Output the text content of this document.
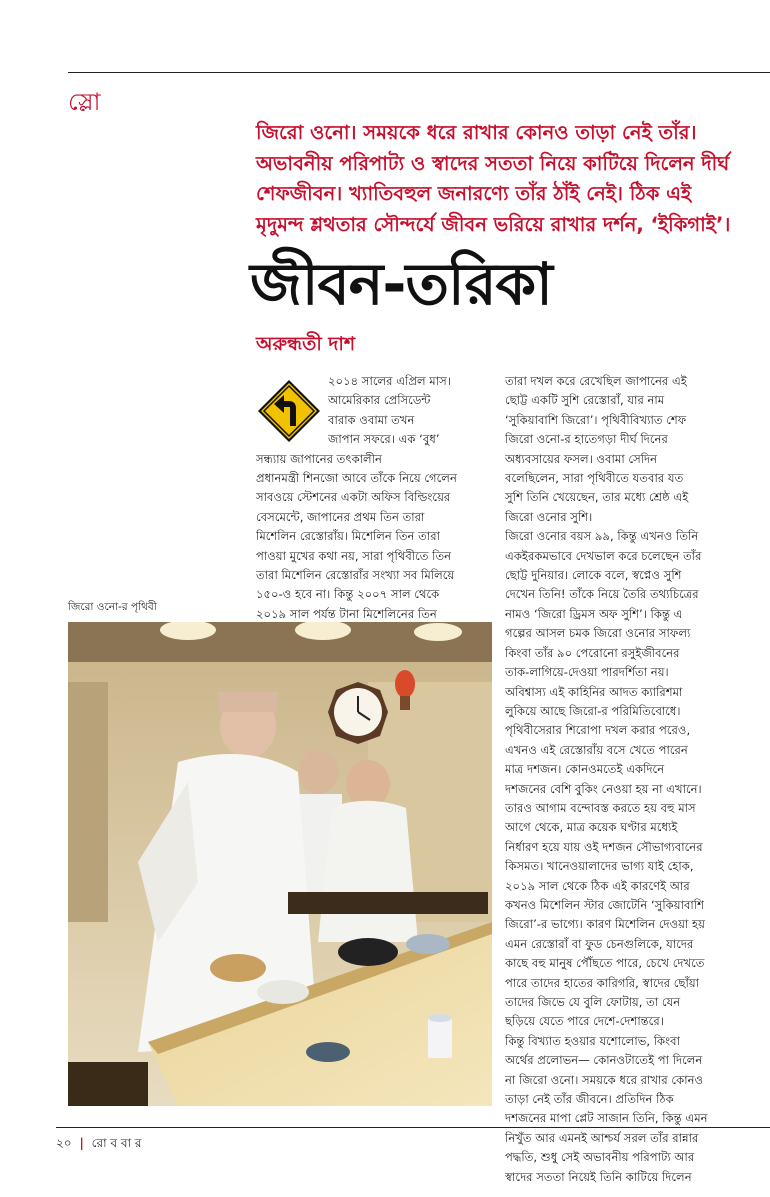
স্লো
জিরো ওনো। সময়কে ধরে রাখার কোনও তাড়া নেই তাঁর।
অভাবনীয় পরিপাট্য ও স্বাদের সততা নিয়ে কাটিয়ে দিলেন দীর্ঘ
শেফজীবন। খ্যাতিবহুল জনারণ্যে তাঁর ঠাঁই নেই। ঠিক এই
মৃদুমন্দ শ্লথতার সৌন্দর্যে জীবন ভরিয়ে রাখার দর্শন, ‘ইকিগাই’।
জীবন-তরিকা
অরুন্ধতী দাশ
২০১৪ সালের এপ্রিল মাস।
আমেরিকার প্রেসিডেন্ট
বারাক ওবামা তখন
জাপান সফরে। এক ‘বুধ’
সন্ধ্যায় জাপানের তৎকালীন
প্রধানমন্ত্রী শিনজো আবে তাঁকে নিয়ে গেলেন
সাবওয়ে স্টেশনের একটা অফিস বিল্ডিংয়ের
বেসমেন্টে, জাপানের প্রথম তিন তারা
মিশেলিন রেস্তোরাঁয়। মিশেলিন তিন তারা
পাওয়া মুখের কথা নয়, সারা পৃথিবীতে তিন
তারা মিশেলিন রেস্তোরাঁর সংখ্যা সব মিলিয়ে
১৫০-ও হবে না। কিন্তু ২০০৭ সাল থেকে
২০১৯ সাল পর্যন্ত টানা মিশেলিনের তিন
তারা দখল করে রেখেছিল জাপানের এই
ছোট্ট একটি সুশি রেস্তোরাঁ, যার নাম
‘সুকিয়াবাশি জিরো’। পৃথিবীবিখ্যাত শেফ
জিরো ওনো-র হাতেগড়া দীর্ঘ দিনের
অধ্যবসায়ের ফসল। ওবামা সেদিন
বলেছিলেন, সারা পৃথিবীতে যতবার যত
সুশি তিনি খেয়েছেন, তার মধ্যে শ্রেষ্ঠ এই
জিরো ওনোর সুশি।
জিরো ওনোর বয়স ৯৯, কিন্তু এখনও তিনি
একইরকমভাবে দেখভাল করে চলেছেন তাঁর
ছোট্ট দুনিয়ার। লোকে বলে, স্বপ্নেও সুশি
দেখেন তিনি! তাঁকে নিয়ে তৈরি তথ্যচিত্রের
নামও ‘জিরো ড্রিমস অফ সুশি’। কিন্তু এ
গল্পের আসল চমক জিরো ওনোর সাফল্য
কিংবা তাঁর ৯০ পেরোনো রসুইজীবনের
তাক-লাগিয়ে-দেওয়া পারদর্শিতা নয়।
অবিশ্বাস্য এই কাহিনির আদত ক্যারিশমা
লুকিয়ে আছে জিরো-র পরিমিতিবোধে।
পৃথিবীসেরার শিরোপা দখল করার পরেও,
এখনও এই রেস্তোরাঁয় বসে খেতে পারেন
মাত্র দশজন। কোনওমতেই একদিনে
দশজনের বেশি বুকিং নেওয়া হয় না এখানে।
তারও আগাম বন্দোবস্ত করতে হয় বহু মাস
আগে থেকে, মাত্র কয়েক ঘণ্টার মধ্যেই
নির্ধারণ হয়ে যায় ওই দশজন সৌভাগ্যবানের
কিসমত। খানেওয়ালাদের ভাগ্য যাই হোক,
২০১৯ সাল থেকে ঠিক এই কারণেই আর
কখনও মিশেলিন স্টার জোটেনি ‘সুকিয়াবাশি
জিরো’-র ভাগ্যে। কারণ মিশেলিন দেওয়া হয়
এমন রেস্তোরাঁ বা ফুড চেনগুলিকে, যাদের
কাছে বহু মানুষ পৌঁছতে পারে, চেখে দেখতে
পারে তাদের হাতের কারিগরি, স্বাদের ছোঁয়া
তাদের জিভে যে বুলি ফোটায়, তা যেন
ছড়িয়ে যেতে পারে দেশে-দেশান্তরে।
কিন্তু বিখ্যাত হওয়ার যশোলোভ, কিংবা
অর্থের প্রলোভন— কোনওটাতেই পা দিলেন
না জিরো ওনো। সময়কে ধরে রাখার কোনও
তাড়া নেই তাঁর জীবনে। প্রতিদিন ঠিক
দশজনের মাপা প্লেট সাজান তিনি, কিন্তু এমন
নিখুঁত আর এমনই আশ্চর্য সরল তাঁর রান্নার
পদ্ধতি, শুধু সেই অভাবনীয় পরিপাট্য আর
স্বাদের সততা নিয়েই তিনি কাটিয়ে দিলেন
জিরো ওনো-র পৃথিবী
২০ | রো ব বা র
